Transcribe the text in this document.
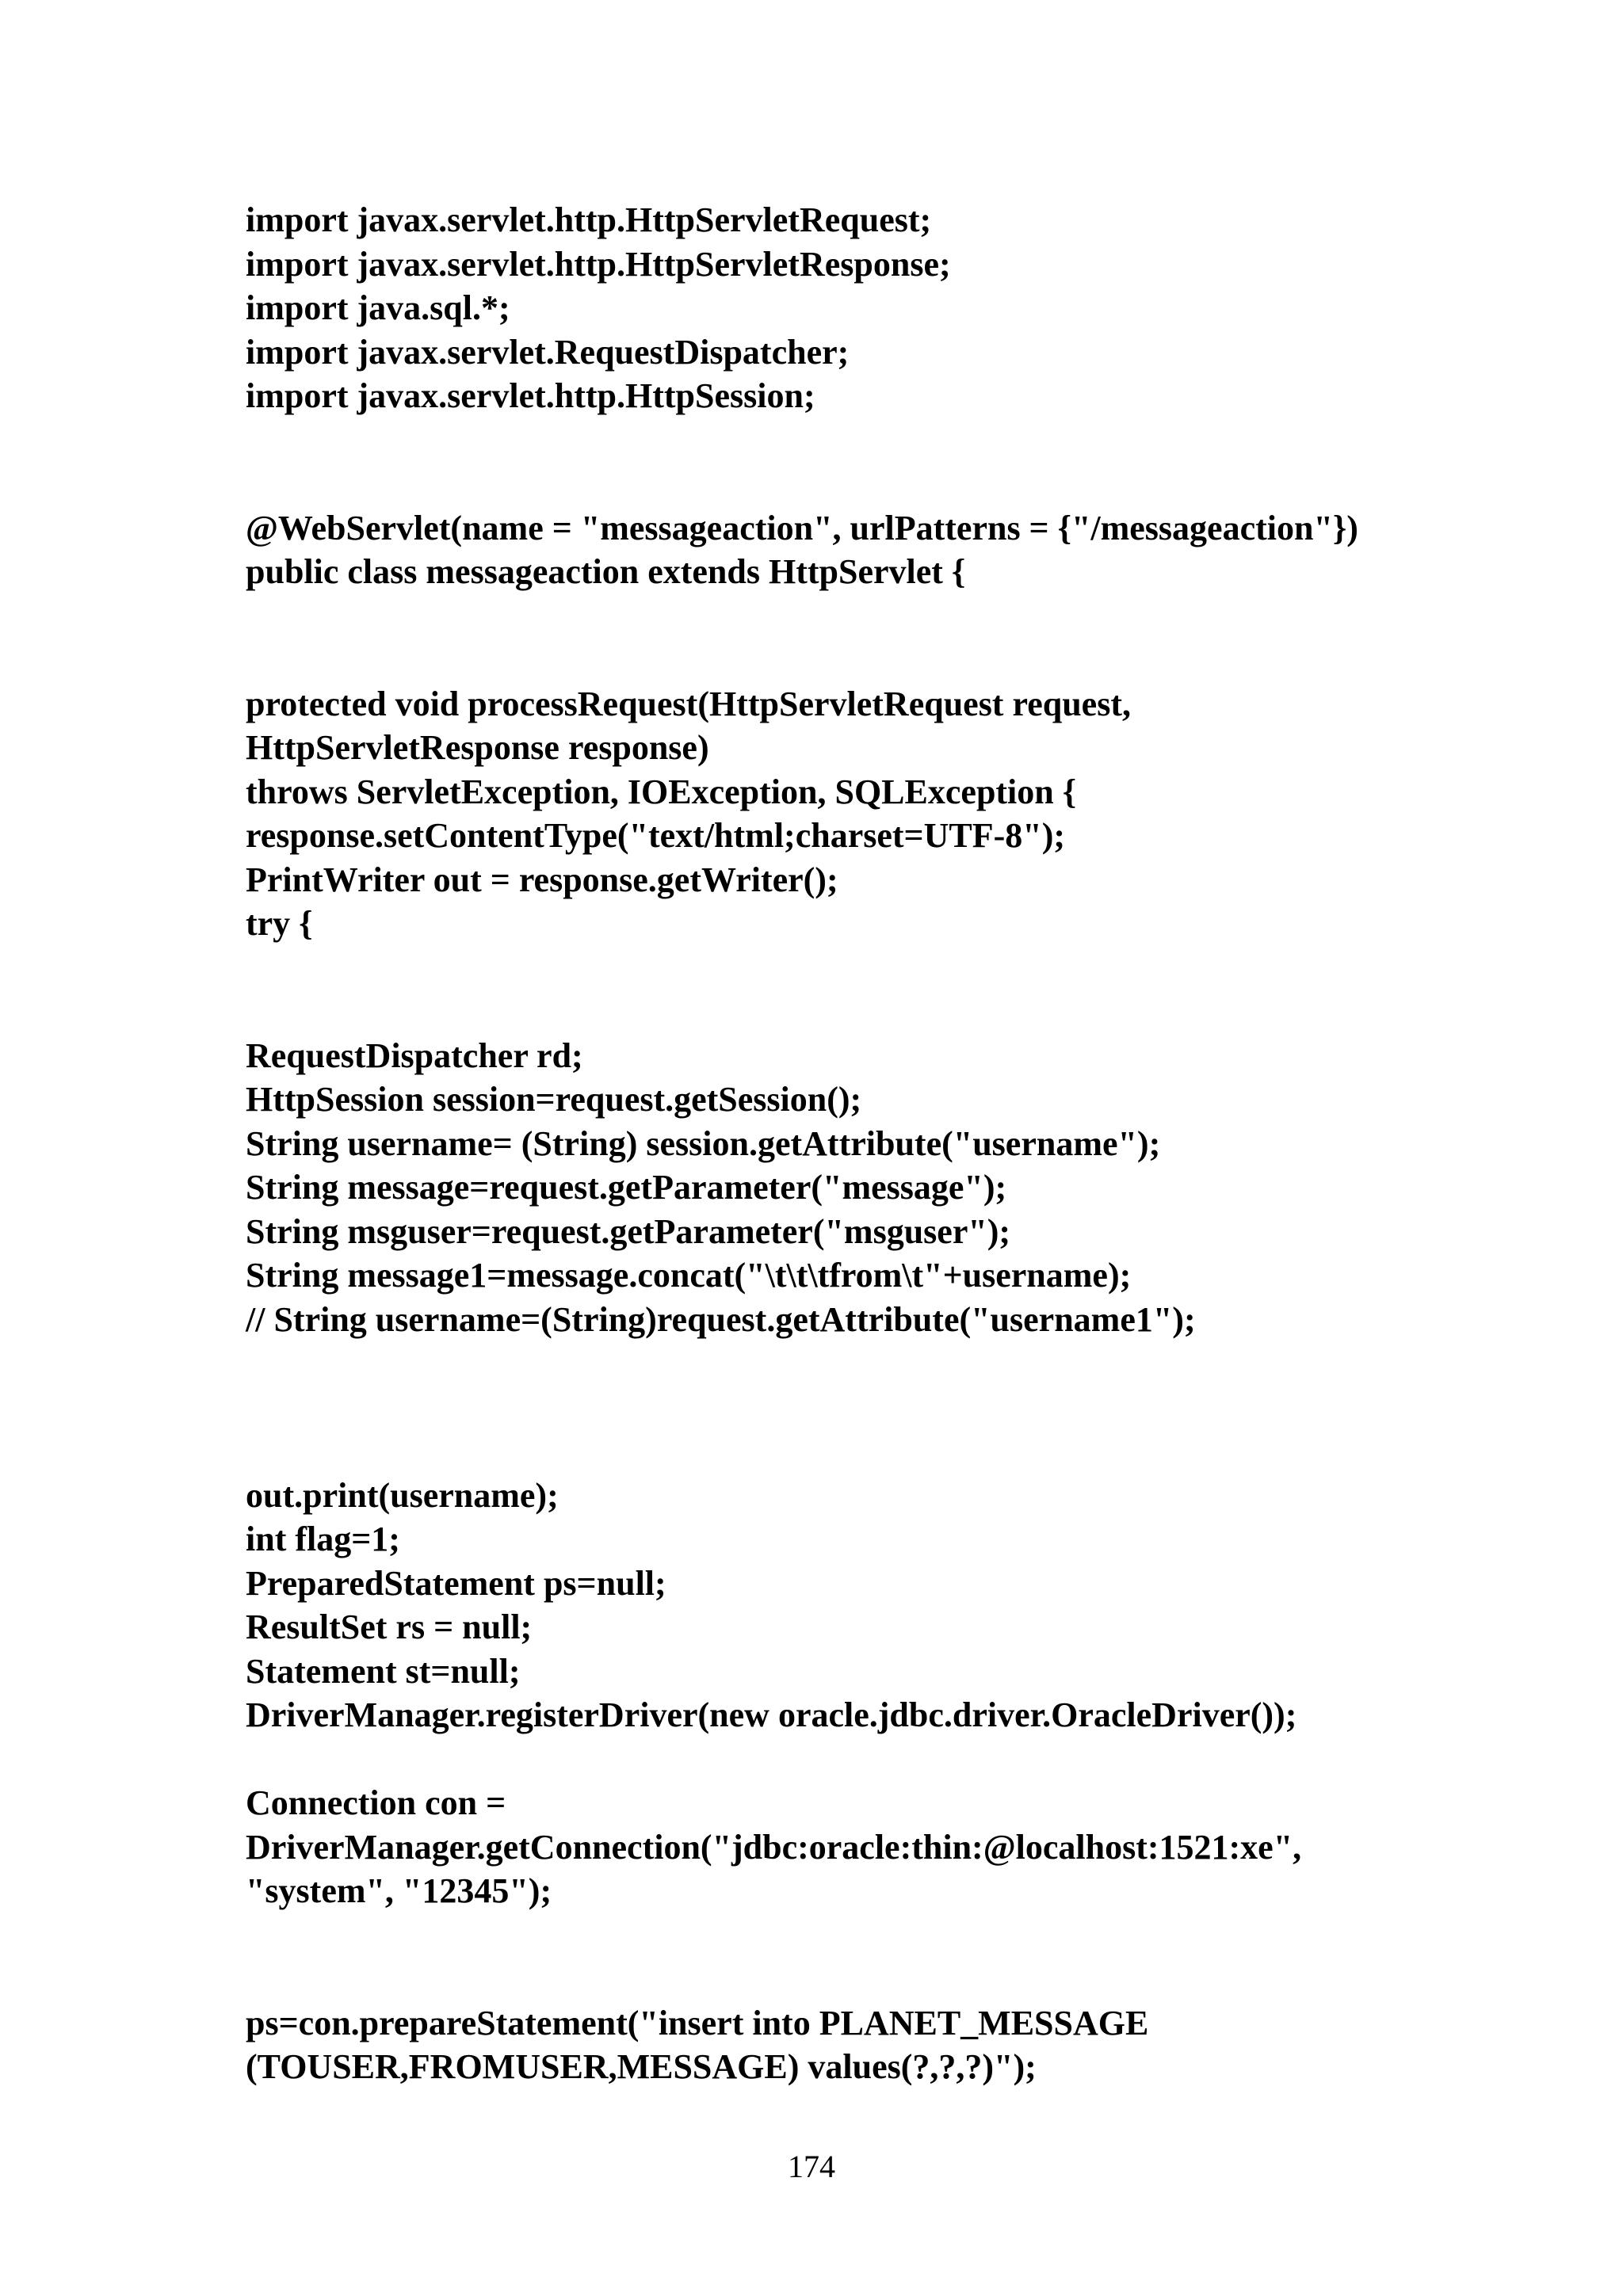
import javax.servlet.http.HttpServletRequest;
import javax.servlet.http.HttpServletResponse;
import java.sql.*;
import javax.servlet.RequestDispatcher;
import javax.servlet.http.HttpSession;
@WebServlet(name = "messageaction", urlPatterns = {"/messageaction"})
public class messageaction extends HttpServlet {
protected void processRequest(HttpServletRequest request,
HttpServletResponse response)
throws ServletException, IOException, SQLException {
response.setContentType("text/html;charset=UTF-8");
PrintWriter out = response.getWriter();
try {
RequestDispatcher rd;
HttpSession session=request.getSession();
String username= (String) session.getAttribute("username");
String message=request.getParameter("message");
String msguser=request.getParameter("msguser");
String message1=message.concat("\t\t\tfrom\t"+username);
// String username=(String)request.getAttribute("username1");
out.print(username);
int flag=1;
PreparedStatement ps=null;
ResultSet rs = null;
Statement st=null;
DriverManager.registerDriver(new oracle.jdbc.driver.OracleDriver());
Connection con =
DriverManager.getConnection("jdbc:oracle:thin:@localhost:1521:xe",
"system", "12345");
ps=con.prepareStatement("insert into PLANET_MESSAGE
(TOUSER,FROMUSER,MESSAGE) values(?,?,?)");
174
